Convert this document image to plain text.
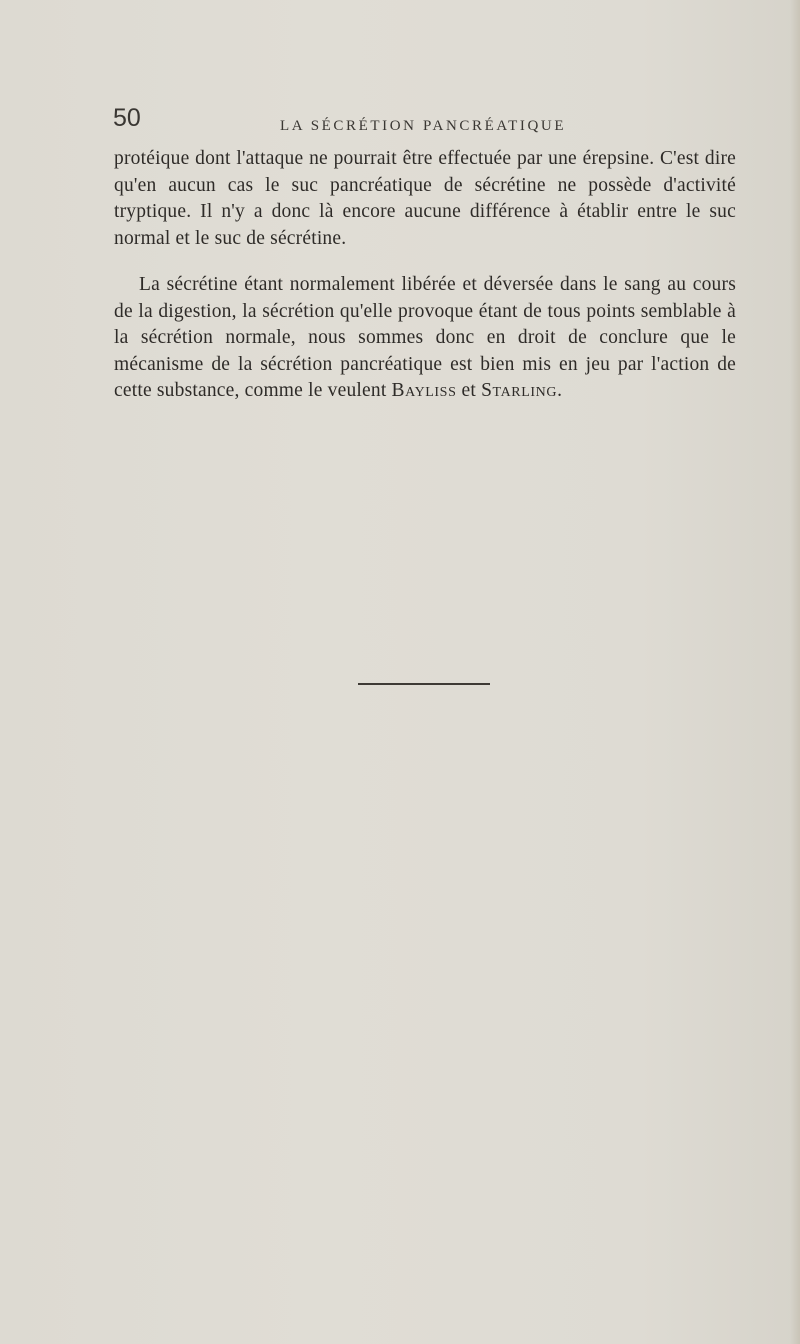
50	LA SÉCRÉTION PANCRÉATIQUE

protéique dont l'attaque ne pourrait être effectuée par une érepsine. C'est dire qu'en aucun cas le suc pancréatique de sécrétine ne possède d'activité tryptique. Il n'y a donc là encore aucune différence à établir entre le suc normal et le suc de sécrétine.

La sécrétine étant normalement libérée et déversée dans le sang au cours de la digestion, la sécrétion qu'elle provoque étant de tous points semblable à la sécrétion normale, nous sommes donc en droit de conclure que le mécanisme de la sécrétion pancréatique est bien mis en jeu par l'action de cette substance, comme le veulent Bayliss et Starling.
